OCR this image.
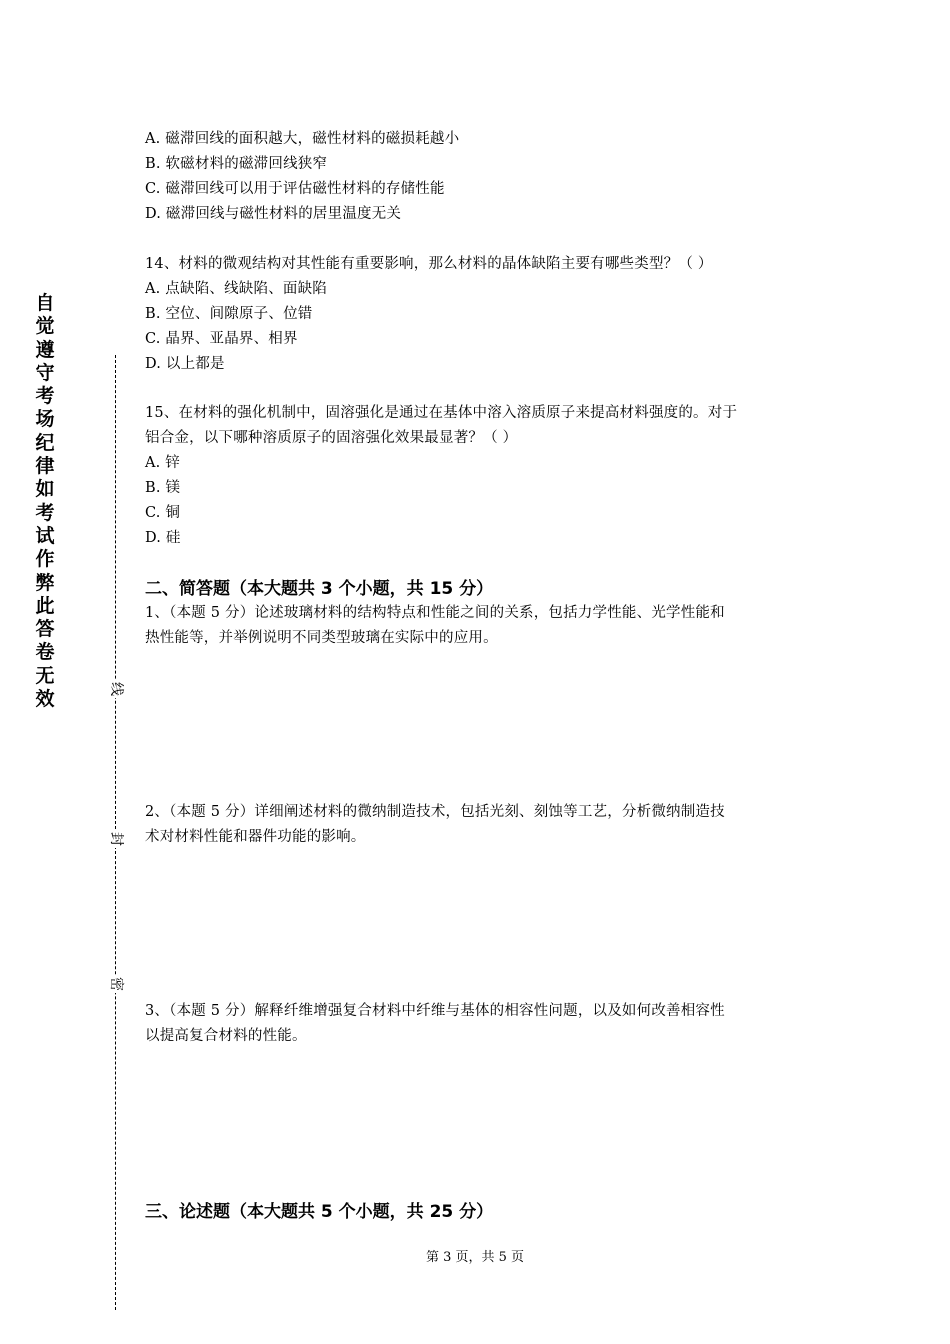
自觉遵守考场纪律如考试作弊此答卷无效	线
封
密
A. 磁滞回线的面积越大，磁性材料的磁损耗越小
B. 软磁材料的磁滞回线狭窄
C. 磁滞回线可以用于评估磁性材料的存储性能
D. 磁滞回线与磁性材料的居里温度无关
14、材料的微观结构对其性能有重要影响，那么材料的晶体缺陷主要有哪些类型？（ ）
A. 点缺陷、线缺陷、面缺陷
B. 空位、间隙原子、位错
C. 晶界、亚晶界、相界
D. 以上都是
15、在材料的强化机制中，固溶强化是通过在基体中溶入溶质原子来提高材料强度的。对于
铝合金，以下哪种溶质原子的固溶强化效果最显著？（ ）
A. 锌
B. 镁
C. 铜
D. 硅
二、简答题（本大题共 3 个小题，共 15 分）
1、（本题 5 分）论述玻璃材料的结构特点和性能之间的关系，包括力学性能、光学性能和
热性能等，并举例说明不同类型玻璃在实际中的应用。
2、（本题 5 分）详细阐述材料的微纳制造技术，包括光刻、刻蚀等工艺，分析微纳制造技
术对材料性能和器件功能的影响。
3、（本题 5 分）解释纤维增强复合材料中纤维与基体的相容性问题，以及如何改善相容性
以提高复合材料的性能。
三、论述题（本大题共 5 个小题，共 25 分）
第 3 页，共 5 页
